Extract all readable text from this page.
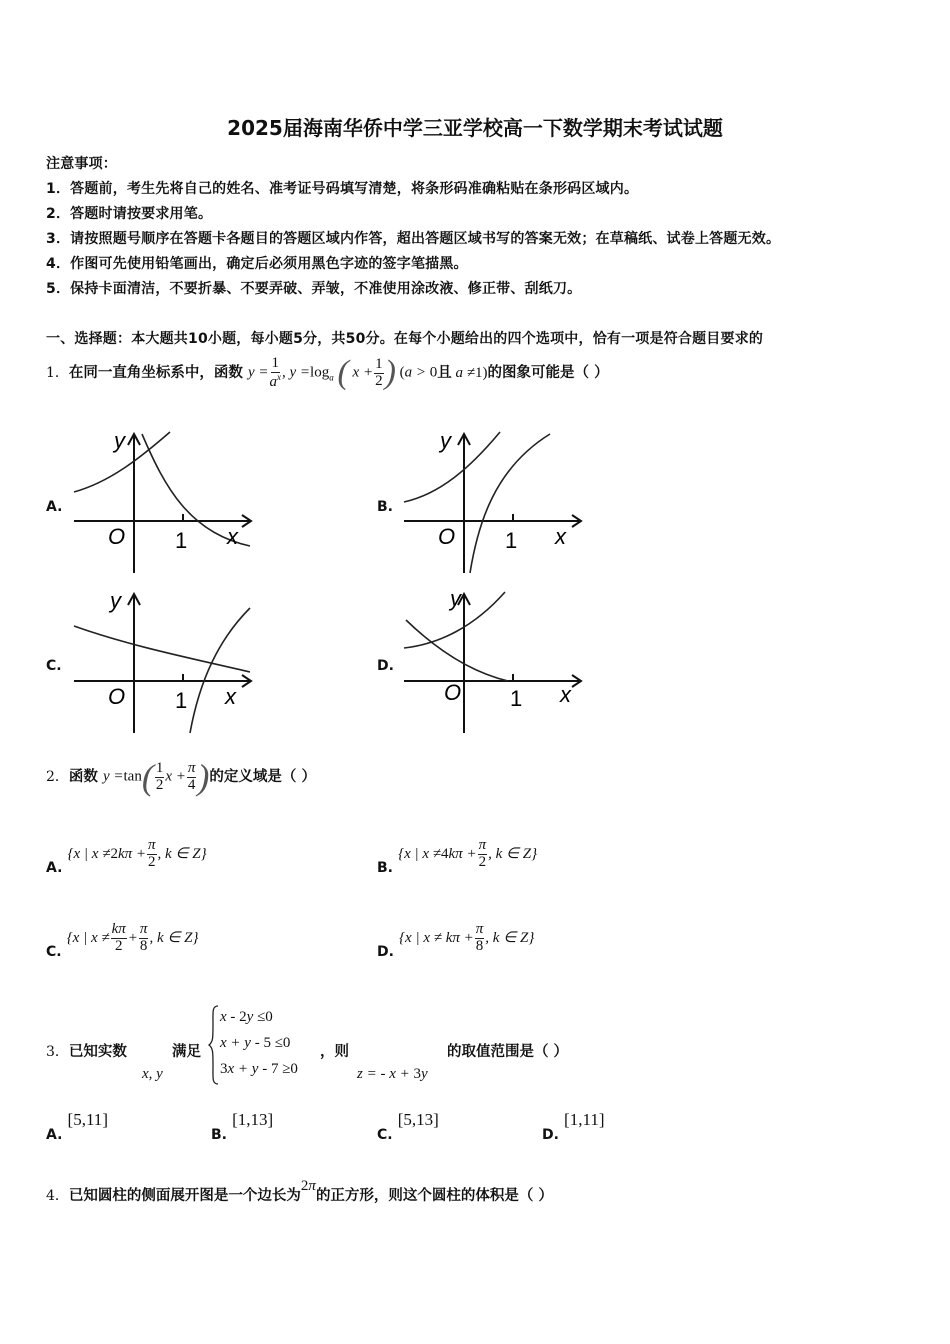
2025届海南华侨中学三亚学校高一下数学期末考试试题
注意事项：
1．答题前，考生先将自己的姓名、准考证号码填写清楚，将条形码准确粘贴在条形码区域内。
2．答题时请按要求用笔。
3．请按照题号顺序在答题卡各题目的答题区域内作答，超出答题区域书写的答案无效；在草稿纸、试卷上答题无效。
4．作图可先使用铅笔画出，确定后必须用黑色字迹的签字笔描黑。
5．保持卡面清洁，不要折暴、不要弄破、弄皱，不准使用涂改液、修正带、刮纸刀。
一、选择题：本大题共10小题，每小题5分，共50分。在每个小题给出的四个选项中，恰有一项是符合题目要求的
1．在同一直角坐标系中，函数 $y = \frac{1}{a^x}$ , $y =\log_a$ ( $x + \frac{1}{2}$ ) (a > 0且 a ≠1)的图象可能是（ ）
A.	B.
C.	D.
y
O 1 x
y
O 1 x
y
O 1 x
y
O 1 x
2．函数 $y =\tan( \frac{1}{2}$ $x + \frac{\pi}{4}$ )的定义域是（ ）
A. {x | $x \ne 2k\pi + \frac{\pi}{2}$ , k ∈ Z}
B. {x | $x \ne 4k\pi + \frac{\pi}{2}$ , k ∈ Z}
C. {x | $x \ne \frac{k\pi}{2} + \frac{\pi}{8}$ , k ∈ Z}
D. {x | $x \ne k\pi + \frac{\pi}{8}$ , k ∈ Z}
3．已知实数
x, y
满足
x - 2y ≤0
x + y - 5 ≤0
3x + y - 7 ≥0
，则
z = - x + 3y
的取值范围是（ ）
A. [5,11]
B. [1,13]
C. [5,13]
D. [1,11]
4．已知圆柱的侧面展开图是一个边长为2π的正方形，则这个圆柱的体积是（ ）
